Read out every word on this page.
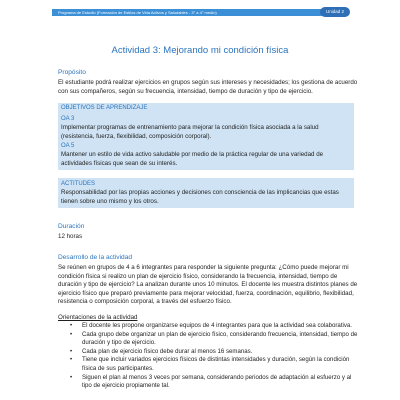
Programa de Estudio (Formación de Estilos de Vida Activos y Saludables - 3° a 4° medio)	Unidad 2
Actividad 3: Mejorando mi condición física
Propósito
El estudiante podrá realizar ejercicios en grupos según sus intereses y necesidades; los gestiona de acuerdo con sus compañeros, según su frecuencia, intensidad, tiempo de duración y tipo de ejercicio.
OBJETIVOS DE APRENDIZAJE
OA 3
Implementar programas de entrenamiento para mejorar la condición física asociada a la salud (resistencia, fuerza, flexibilidad, composición corporal).
OA 5
Mantener un estilo de vida activo saludable por medio de la práctica regular de una variedad de actividades físicas que sean de su interés.
ACTITUDES
Responsabilidad por las propias acciones y decisiones con consciencia de las implicancias que estas tienen sobre uno mismo y los otros.
Duración
12 horas
Desarrollo de la actividad
Se reúnen en grupos de 4 a 6 integrantes para responder la siguiente pregunta: ¿Cómo puede mejorar mi condición física si realizo un plan de ejercicio físico, considerando la frecuencia, intensidad, tiempo de duración y tipo de ejercicio? La analizan durante unos 10 minutos. El docente les muestra distintos planes de ejercicio físico que preparó previamente para mejorar velocidad, fuerza, coordinación, equilibrio, flexibilidad, resistencia o composición corporal, a través del esfuerzo físico.
Orientaciones de la actividad
• El docente les propone organizarse equipos de 4 integrantes para que la actividad sea colaborativa.
• Cada grupo debe organizar un plan de ejercicio físico, considerando frecuencia, intensidad, tiempo de duración y tipo de ejercicio.
• Cada plan de ejercicio físico debe durar al menos 16 semanas.
• Tiene que incluir variados ejercicios físicos de distintas intensidades y duración, según la condición física de sus participantes.
• Siguen el plan al menos 3 veces por semana, considerando periodos de adaptación al esfuerzo y al tipo de ejercicio propiamente tal.
